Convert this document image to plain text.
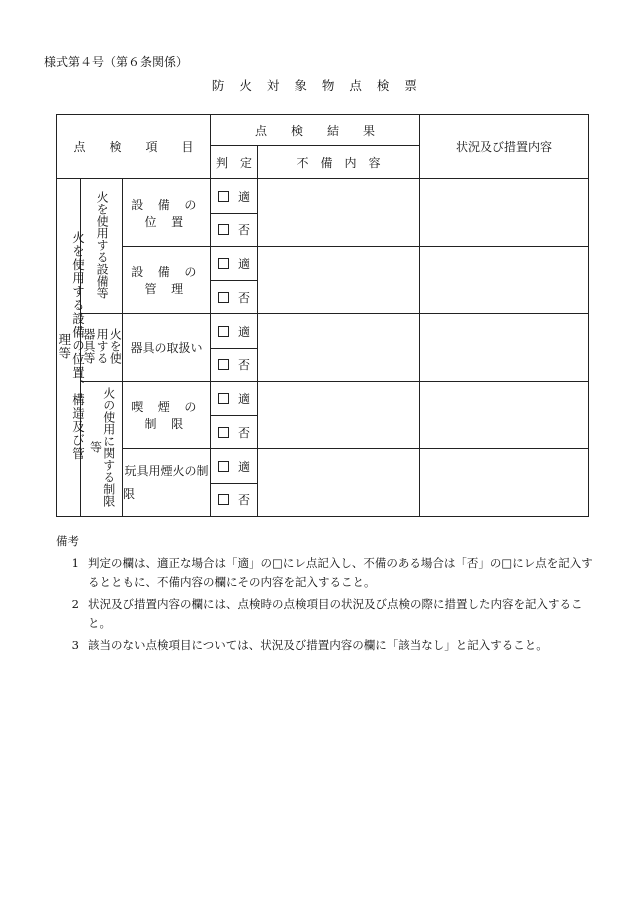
様式第４号（第６条関係）
防　火　対　象　物　点　検　票
点　　検　　項　　目			点　　検　　結　　果		状況及び措置内容
			判　定	不　備　内　容	
火を使用する設備の位置、構造及び管理等	火を使用する設備等	設 備 の 位 置	適		
			否		
		設 備 の 管 理	適		
			否		
	火を使用する器具等	器具の取扱い	適		
			否		
	火の使用に関する制限等	喫 煙 の 制 限	適		
			否		
		玩具用煙火の制限	適		
			否		
備考
1 判定の欄は、適正な場合は「適」の□にレ点記入し、不備のある場合は「否」の□にレ点を記入するとともに、不備内容の欄にその内容を記入すること。
2 状況及び措置内容の欄には、点検時の点検項目の状況及び点検の際に措置した内容を記入すること。
3 該当のない点検項目については、状況及び措置内容の欄に「該当なし」と記入すること。
